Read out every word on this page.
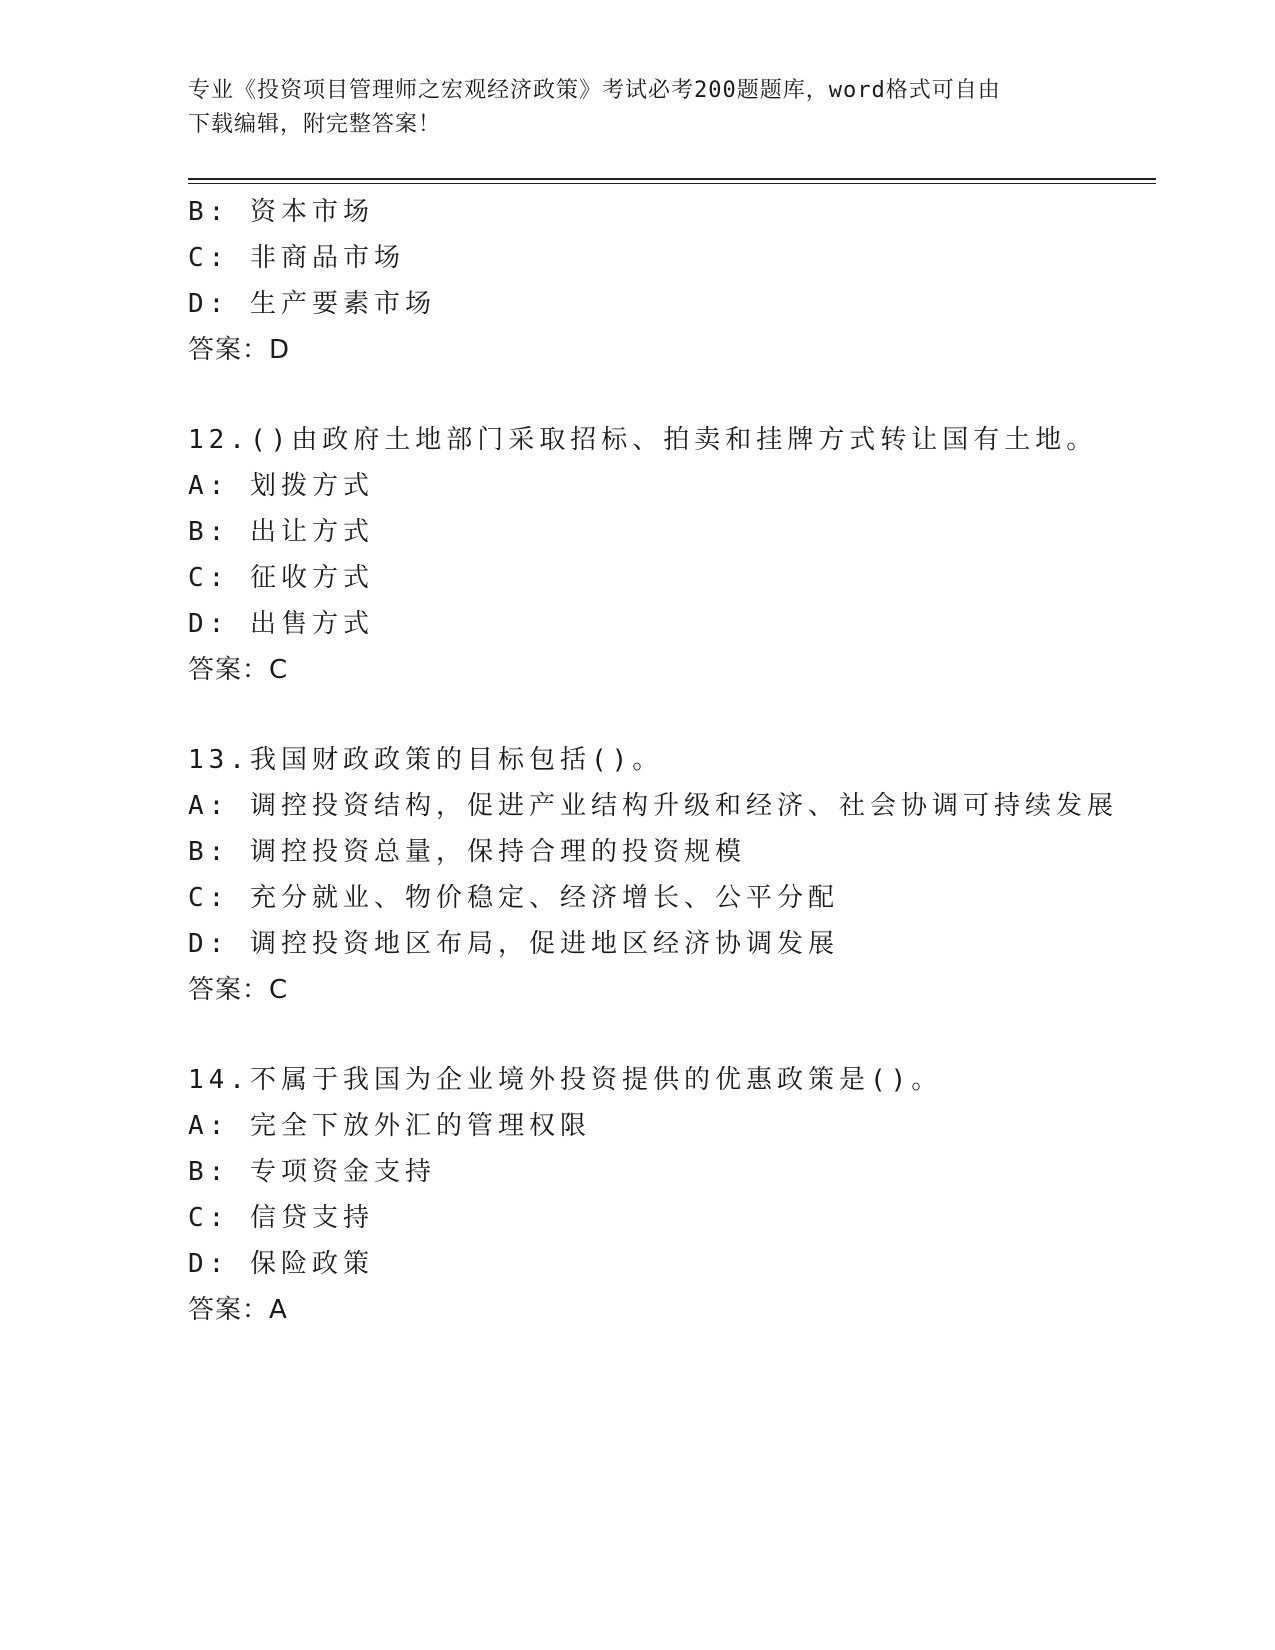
专业《投资项目管理师之宏观经济政策》考试必考200题题库，word格式可自由
下载编辑，附完整答案！
B: 资本市场
C: 非商品市场
D: 生产要素市场
答案：D
12.()由政府土地部门采取招标、拍卖和挂牌方式转让国有土地。
A: 划拨方式
B: 出让方式
C: 征收方式
D: 出售方式
答案：C
13.我国财政政策的目标包括()。
A: 调控投资结构，促进产业结构升级和经济、社会协调可持续发展
B: 调控投资总量，保持合理的投资规模
C: 充分就业、物价稳定、经济增长、公平分配
D: 调控投资地区布局，促进地区经济协调发展
答案：C
14.不属于我国为企业境外投资提供的优惠政策是()。
A: 完全下放外汇的管理权限
B: 专项资金支持
C: 信贷支持
D: 保险政策
答案：A
